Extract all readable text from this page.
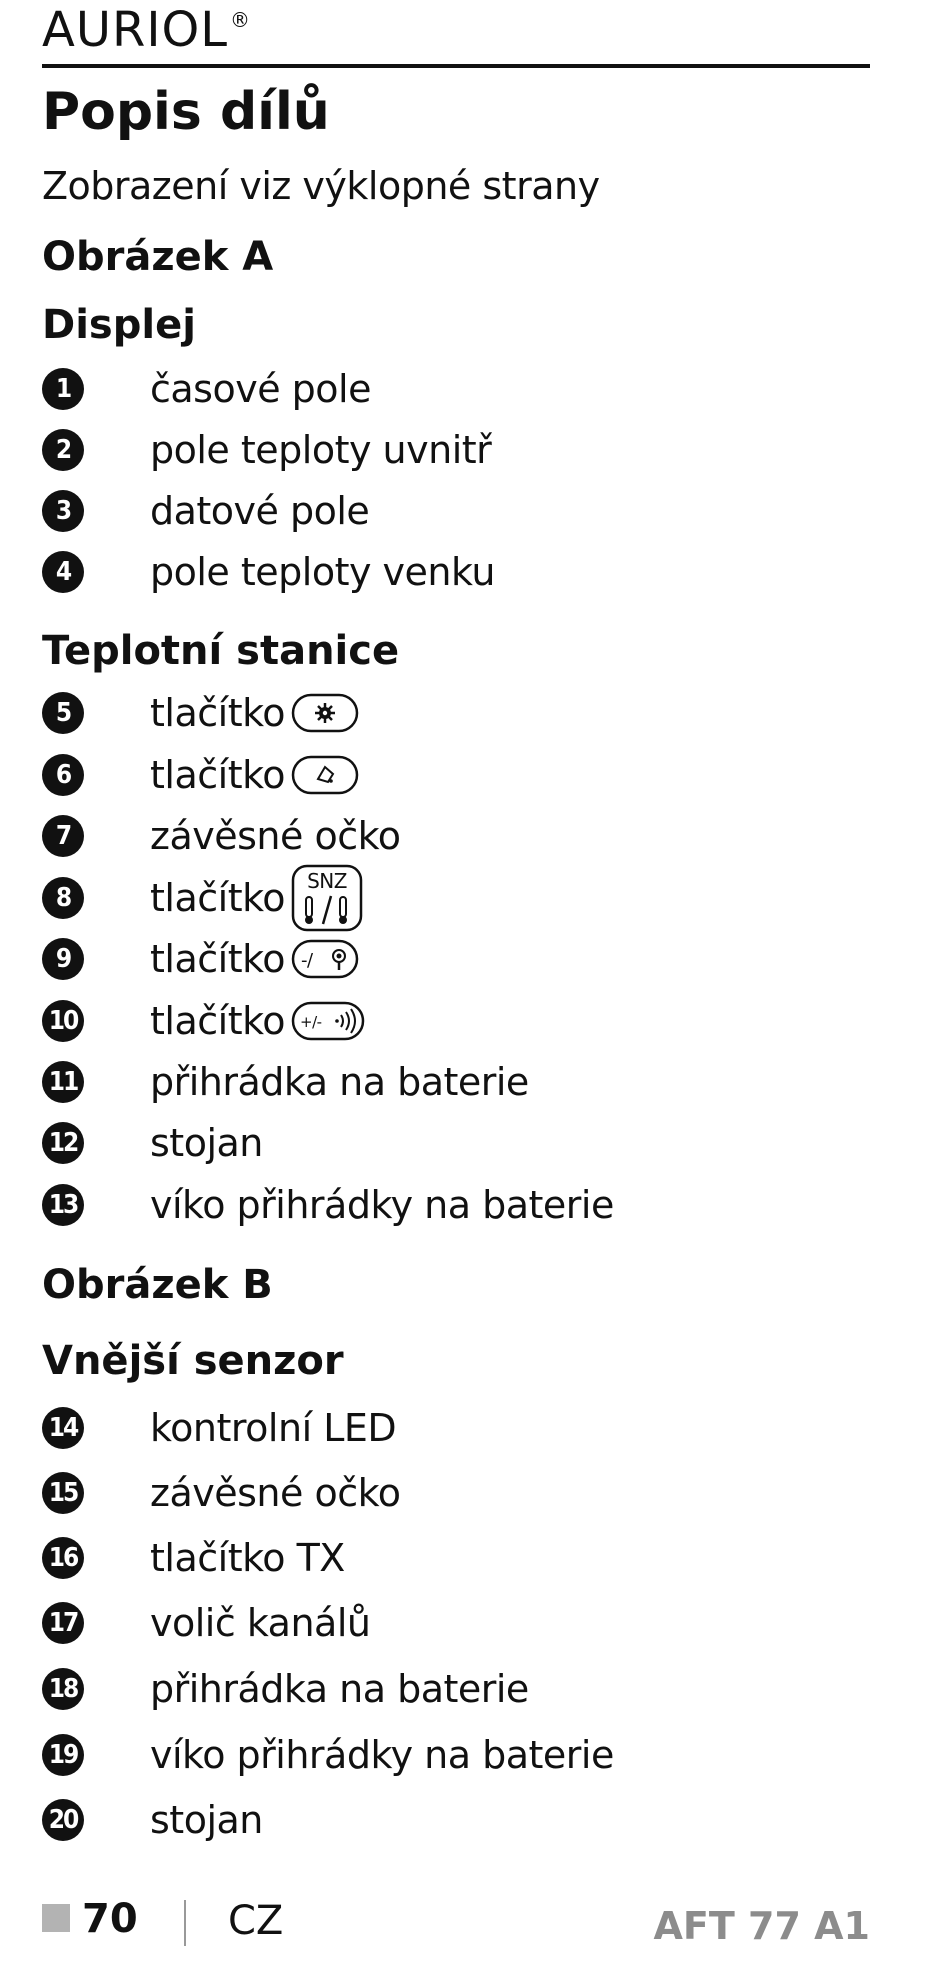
AURIOL ®
Popis dílů
Zobrazení viz výklopné strany
Obrázek A
Displej
1	časové pole
2	pole teploty uvnitř
3	datové pole
4	pole teploty venku
Teplotní stanice
5	tlačítko
6	tlačítko
7	závěsné očko
8	tlačítko SNZ
9	tlačítko -/
10 tlačítko +/-
11 přihrádka na baterie
12 stojan
13 víko přihrádky na baterie
Obrázek B
Vnější senzor
14 kontrolní LED
15 závěsné očko
16 tlačítko TX
17 volič kanálů
18 přihrádka na baterie
19 víko přihrádky na baterie
20 stojan
70 CZ	AFT 77 A1
